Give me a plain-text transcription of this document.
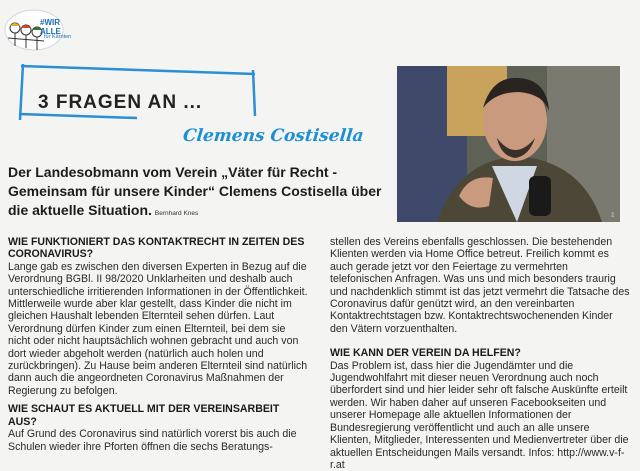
#WIR ALLE
für Kärnten
3 FRAGEN AN ...
Clemens Costisella
KK
Der Landesobmann vom Verein „Väter für Recht - Gemeinsam für unsere Kinder“ Clemens Costisella über die aktuelle Situation. Bernhard Knes
WIE FUNKTIONIERT DAS KONTAKTRECHT IN ZEITEN DES CORONAVIRUS?

Lange gab es zwischen den diversen Experten in Bezug auf die Verordnung BGBl. II 98/2020 Unklarheiten und deshalb auch unterschiedliche irritierenden Informationen in der Öffentlichkeit. Mittlerweile wurde aber klar gestellt, dass Kinder die nicht im gleichen Haushalt lebenden Elternteil sehen dürfen. Laut Verordnung dürfen Kinder zum einen Elternteil, bei dem sie nicht oder nicht hauptsächlich wohnen gebracht und auch von dort wieder abgeholt werden (natürlich auch holen und zurückbringen). Zu Hause beim anderen Elternteil sind natürlich dann auch die angeordneten Coronavirus Maßnahmen der Regierung zu befolgen.

WIE SCHAUT ES AKTUELL MIT DER VEREINSARBEIT AUS?

Auf Grund des Coronavirus sind natürlich vorerst bis auch die Schulen wieder ihre Pforten öffnen die sechs Beratungs-

stellen des Vereins ebenfalls geschlossen. Die bestehenden Klienten werden via Home Office betreut. Freilich kommt es auch gerade jetzt vor den Feiertage zu vermehrten telefonischen Anfragen. Was uns und mich besonders traurig und nachdenklich stimmt ist das jetzt vermehrt die Tatsache des Coronavirus dafür genützt wird, an den vereinbarten Kontaktrechtstagen bzw. Kontaktrechtswochenenden Kinder den Vätern vorzuenthalten.

WIE KANN DER VEREIN DA HELFEN?

Das Problem ist, dass hier die Jugendämter und die Jugendwohlfahrt mit dieser neuen Verordnung auch noch überfordert sind und hier leider sehr oft falsche Auskünfte erteilt werden. Wir haben daher auf unseren Facebookseiten und unserer Homepage alle aktuellen Informationen der Bundesregierung veröffentlicht und auch an alle unsere Klienten, Mitglieder, Interessenten und Medienvertreter über die aktuellen Entscheidungen Mails versandt. Infos: http://www.v-f-r.at
